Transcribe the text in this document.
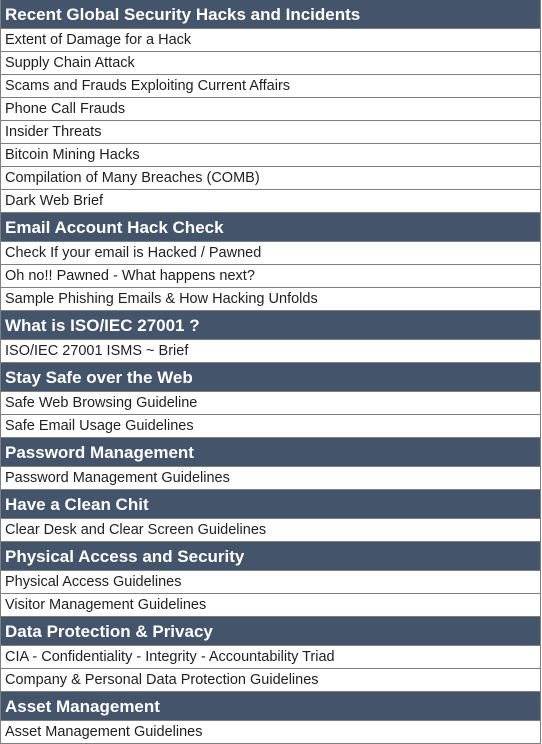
Recent Global Security Hacks and Incidents
Extent of Damage for a Hack
Supply Chain Attack
Scams and Frauds Exploiting Current Affairs
Phone Call Frauds
Insider Threats
Bitcoin Mining Hacks
Compilation of Many Breaches (COMB)
Dark Web Brief
Email Account Hack Check
Check If your email is Hacked / Pawned
Oh no!! Pawned - What happens next?
Sample Phishing Emails & How Hacking Unfolds
What is ISO/IEC 27001 ?
ISO/IEC 27001 ISMS ~ Brief
Stay Safe over the Web
Safe Web Browsing Guideline
Safe Email Usage Guidelines
Password Management
Password Management Guidelines
Have a Clean Chit
Clear Desk and Clear Screen Guidelines
Physical Access and Security
Physical Access Guidelines
Visitor Management Guidelines
Data Protection & Privacy
CIA - Confidentiality - Integrity - Accountability Triad
Company & Personal Data Protection Guidelines
Asset Management
Asset Management Guidelines
